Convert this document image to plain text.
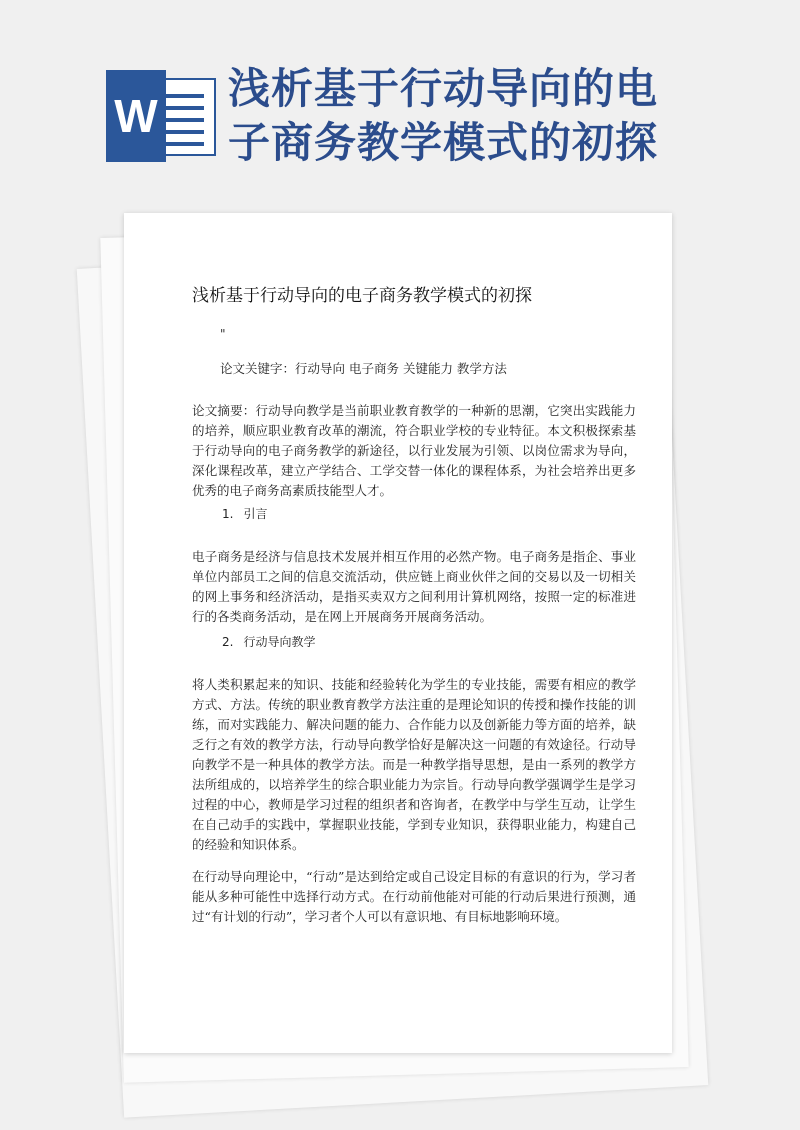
W
浅析基于行动导向的电
子商务教学模式的初探
浅析基于行动导向的电子商务教学模式的初探
"
论文关键字：行动导向 电子商务 关键能力 教学方法

论文摘要：行动导向教学是当前职业教育教学的一种新的思潮，它突出实践能力的培养，顺应职业教育改革的潮流，符合职业学校的专业特征。本文积极探索基于行动导向的电子商务教学的新途径，以行业发展为引领、以岗位需求为导向，深化课程改革，建立产学结合、工学交替一体化的课程体系，为社会培养出更多优秀的电子商务高素质技能型人才。

1. 引言

电子商务是经济与信息技术发展并相互作用的必然产物。电子商务是指企、事业单位内部员工之间的信息交流活动，供应链上商业伙伴之间的交易以及一切相关的网上事务和经济活动，是指买卖双方之间利用计算机网络，按照一定的标准进行的各类商务活动，是在网上开展商务开展商务活动。

2. 行动导向教学

将人类积累起来的知识、技能和经验转化为学生的专业技能，需要有相应的教学方式、方法。传统的职业教育教学方法注重的是理论知识的传授和操作技能的训练，而对实践能力、解决问题的能力、合作能力以及创新能力等方面的培养，缺乏行之有效的教学方法，行动导向教学恰好是解决这一问题的有效途径。行动导向教学不是一种具体的教学方法。而是一种教学指导思想，是由一系列的教学方法所组成的，以培养学生的综合职业能力为宗旨。行动导向教学强调学生是学习过程的中心，教师是学习过程的组织者和咨询者，在教学中与学生互动，让学生在自己动手的实践中，掌握职业技能，学到专业知识，获得职业能力，构建自己的经验和知识体系。

在行动导向理论中，“行动”是达到给定或自己设定目标的有意识的行为，学习者能从多种可能性中选择行动方式。在行动前他能对可能的行动后果进行预测，通过“有计划的行动”，学习者个人可以有意识地、有目标地影响环境。
